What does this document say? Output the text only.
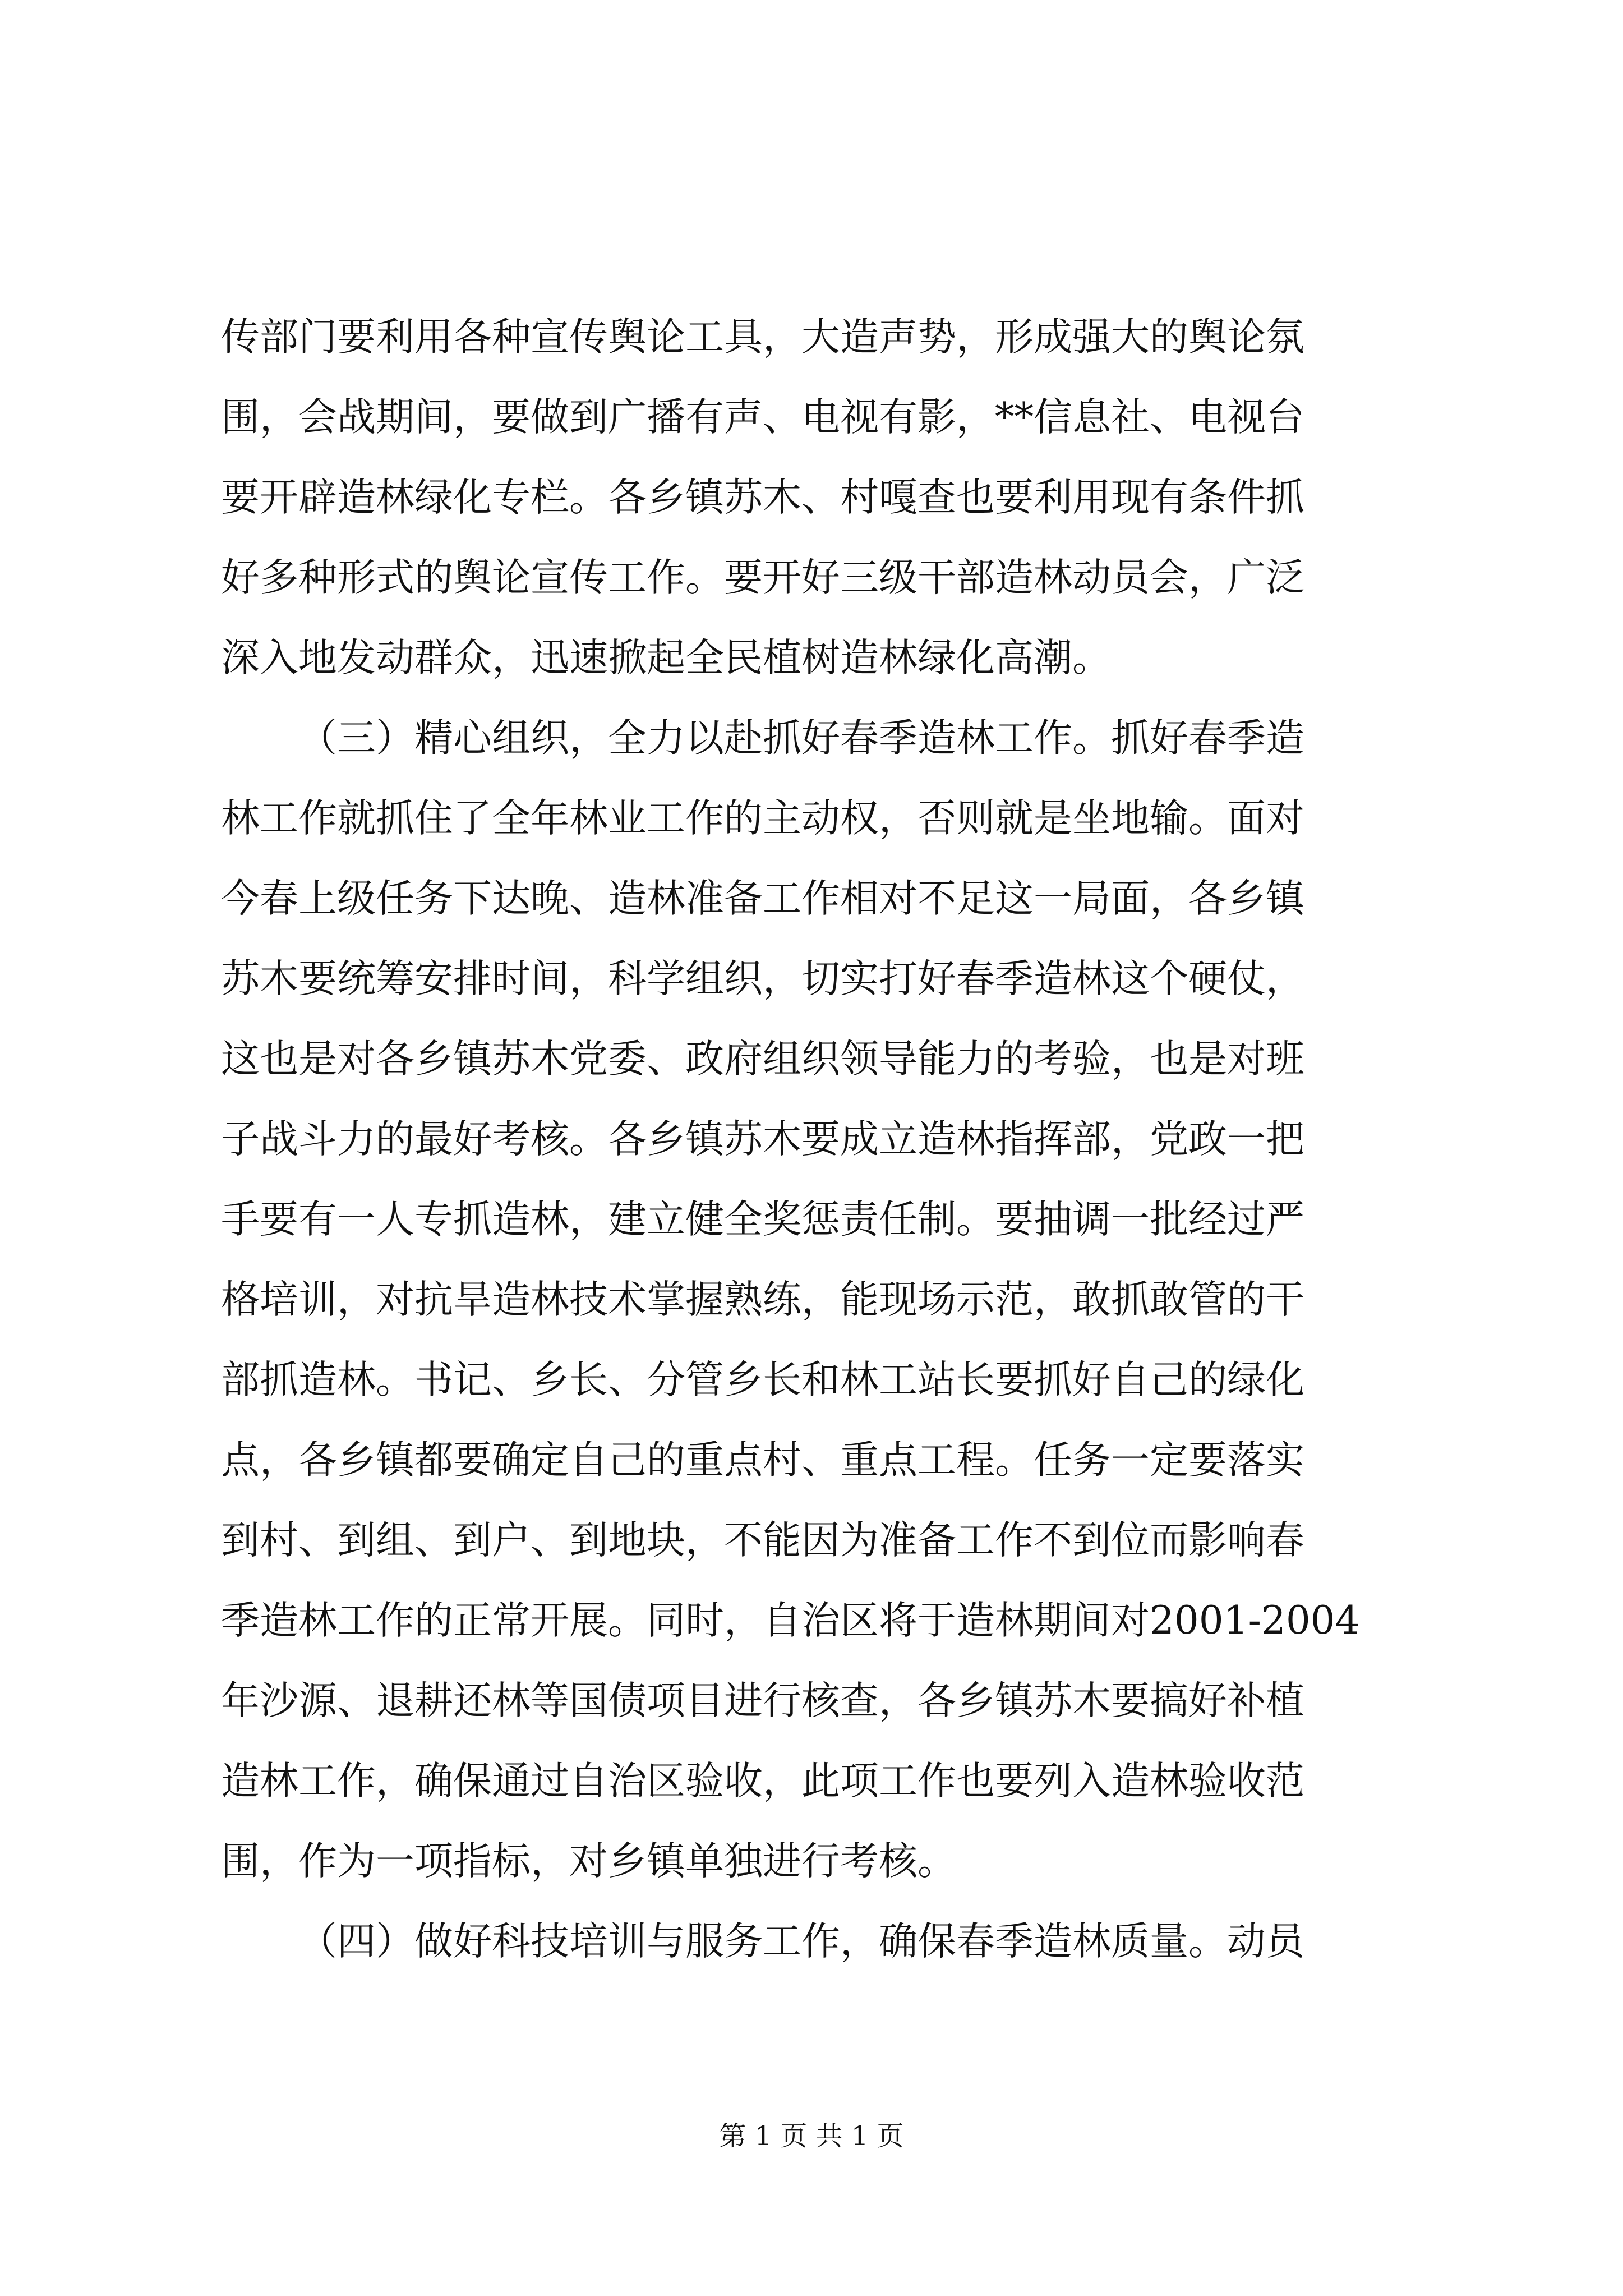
传部门要利用各种宣传舆论工具，大造声势，形成强大的舆论氛
围，会战期间，要做到广播有声、电视有影，**信息社、电视台
要开辟造林绿化专栏。各乡镇苏木、村嘎查也要利用现有条件抓
好多种形式的舆论宣传工作。要开好三级干部造林动员会，广泛
深入地发动群众，迅速掀起全民植树造林绿化高潮。
（三）精心组织，全力以赴抓好春季造林工作。抓好春季造
林工作就抓住了全年林业工作的主动权，否则就是坐地输。面对
今春上级任务下达晚、造林准备工作相对不足这一局面，各乡镇
苏木要统筹安排时间，科学组织，切实打好春季造林这个硬仗，
这也是对各乡镇苏木党委、政府组织领导能力的考验，也是对班
子战斗力的最好考核。各乡镇苏木要成立造林指挥部，党政一把
手要有一人专抓造林，建立健全奖惩责任制。要抽调一批经过严
格培训，对抗旱造林技术掌握熟练，能现场示范，敢抓敢管的干
部抓造林。书记、乡长、分管乡长和林工站长要抓好自己的绿化
点，各乡镇都要确定自己的重点村、重点工程。任务一定要落实
到村、到组、到户、到地块，不能因为准备工作不到位而影响春
季造林工作的正常开展。同时，自治区将于造林期间对2001-2004
年沙源、退耕还林等国债项目进行核查，各乡镇苏木要搞好补植
造林工作，确保通过自治区验收，此项工作也要列入造林验收范
围，作为一项指标，对乡镇单独进行考核。
（四）做好科技培训与服务工作，确保春季造林质量。动员
第 1 页 共 1 页
